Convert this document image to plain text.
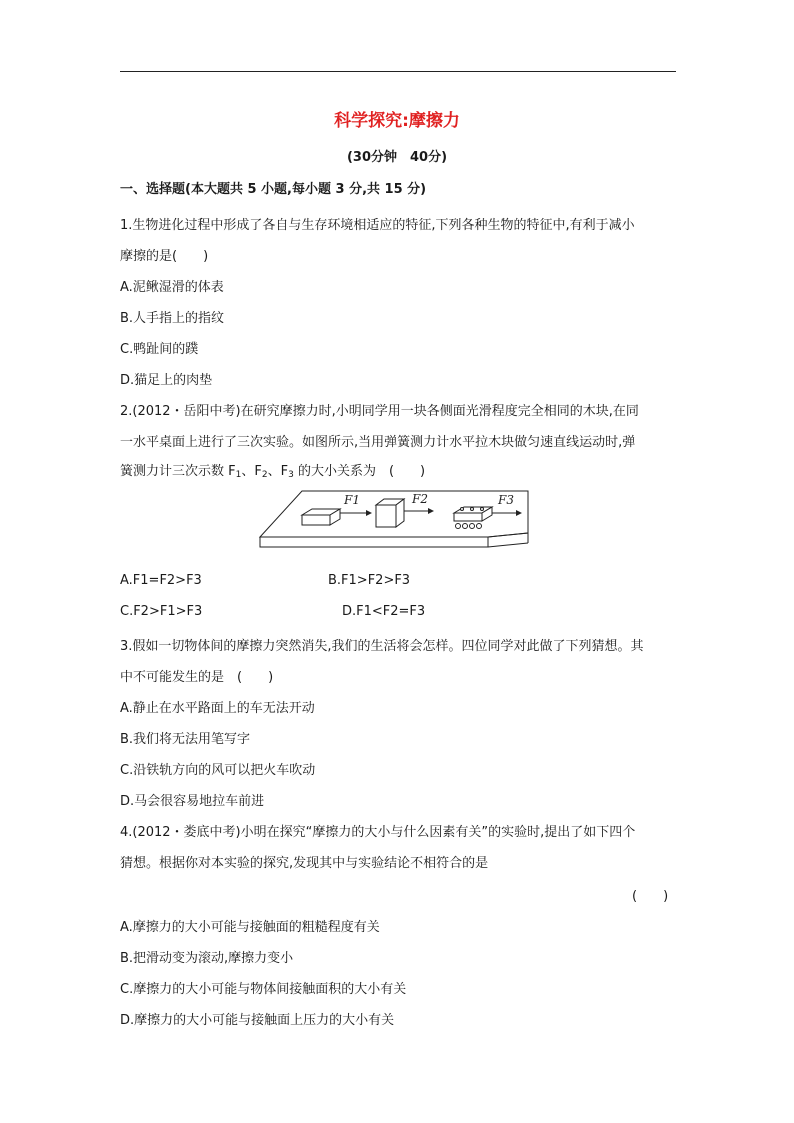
科学探究:摩擦力
(30分钟　40分)
一、选择题(本大题共 5 小题,每小题 3 分,共 15 分)
1.生物进化过程中形成了各自与生存环境相适应的特征,下列各种生物的特征中,有利于减小
摩擦的是(　　)
A.泥鳅湿滑的体表
B.人手指上的指纹
C.鸭趾间的蹼
D.猫足上的肉垫
2.(2012・岳阳中考)在研究摩擦力时,小明同学用一块各侧面光滑程度完全相同的木块,在同
一水平桌面上进行了三次实验。如图所示,当用弹簧测力计水平拉木块做匀速直线运动时,弹
簧测力计三次示数 $F_1$、$F_2$、$F_3$ 的大小关系为　(　　)
F1	F2	F3
A.F1=F2>F3	B.F1>F2>F3
C.F2>F1>F3	D.F1<F2=F3
3.假如一切物体间的摩擦力突然消失,我们的生活将会怎样。四位同学对此做了下列猜想。其
中不可能发生的是　(　　)
A.静止在水平路面上的车无法开动
B.我们将无法用笔写字
C.沿铁轨方向的风可以把火车吹动
D.马会很容易地拉车前进
4.(2012・娄底中考)小明在探究“摩擦力的大小与什么因素有关”的实验时,提出了如下四个
猜想。根据你对本实验的探究,发现其中与实验结论不相符合的是
(　　)
A.摩擦力的大小可能与接触面的粗糙程度有关
B.把滑动变为滚动,摩擦力变小
C.摩擦力的大小可能与物体间接触面积的大小有关
D.摩擦力的大小可能与接触面上压力的大小有关
